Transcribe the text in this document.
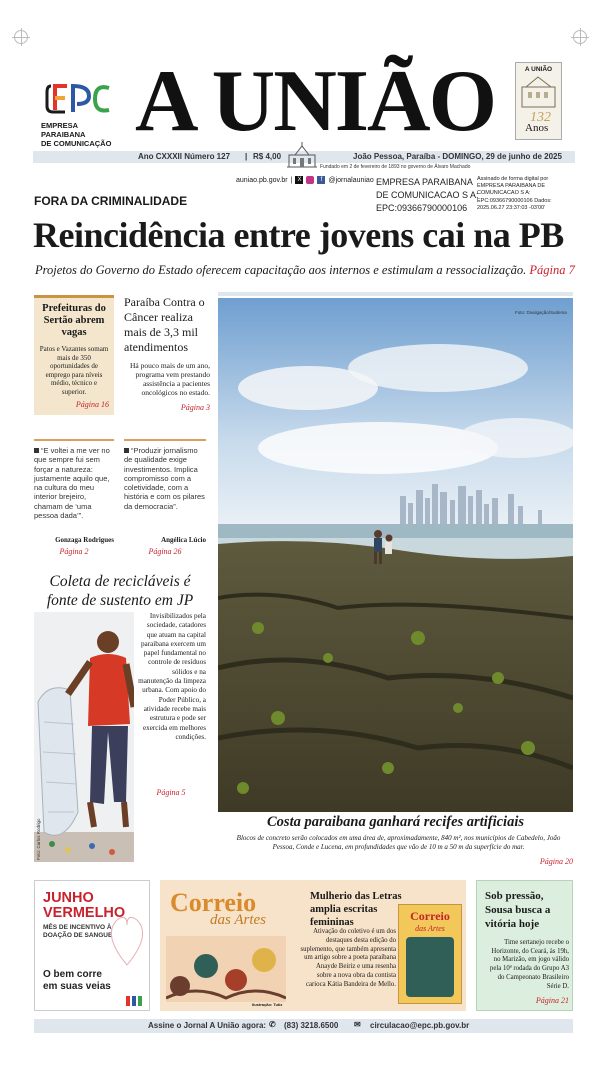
EMPRESA PARAIBANA
DE COMUNICAÇÃO A UNIÃO	A UNIÃO
132
Anos
Ano CXXXII Número 127 | R$ 4,00	João Pessoa, Paraíba - DOMINGO, 29 de junho de 2025
Fundado em 2 de fevereiro de 1893 no governo de Álvaro Machado
auniao.pb.gov.br | X	f @jornalauniao EMPRESA PARAIBANA
DE COMUNICACAO S A:
EPC:09366790000106
Assinado de forma digital por EMPRESA PARAIBANA DE COMUNICACAO S A: EPC:09366790000106 Dados: 2025.06.27 23:37:03 -03'00'
FORA DA CRIMINALIDADE
Reincidência entre jovens cai na PB
Projetos do Governo do Estado oferecem capacitação aos internos e estimulam a ressocialização. Página 7
Prefeituras do Sertão abrem vagas
Patos e Vazantes somam mais de 350 oportunidades de emprego para níveis médio, técnico e superior.
Página 16
Paraíba Contra o Câncer realiza mais de 3,3 mil atendimentos
Há pouco mais de um ano, programa vem prestando assistência a pacientes oncológicos no estado.
Página 3
“E voltei a me ver no que sempre fui sem forçar a natureza: justamente aquilo que, na cultura do meu interior brejeiro, chamam de ‘uma pessoa dada’”.
“Produzir jornalismo de qualidade exige investimentos. Implica compromisso com a coletividade, com a história e com os pilares da democracia”.
Gonzaga Rodrigues	Angélica Lúcio
Página 2	Página 26
Coleta de recicláveis é fonte de sustento em JP
Foto: Carlos Rodrigo
Invisibilizados pela sociedade, catadores que atuam na capital paraibana exercem um papel fundamental no controle de resíduos sólidos e na manutenção da limpeza urbana. Com apoio do Poder Público, a atividade recebe mais estrutura e pode ser exercida em melhores condições.
Página 5
Foto: Divulgação/Sudema
Costa paraibana ganhará recifes artificiais
Blocos de concreto serão colocados em uma área de, aproximadamente, 840 m², nos municípios de Cabedelo, João Pessoa, Conde e Lucena, em profundidades que vão de 10 m a 50 m da superfície do mar.
Página 20
JUNHO
VERMELHO
MÊS DE INCENTIVO À
DOAÇÃO DE SANGUE
O bem corre
em suas veias
Correio
das Artes
Ilustração: Tutiz
Mulherio das Letras amplia escritas femininas
Ativação do coletivo é um dos destaques desta edição do suplemento, que também apresenta um artigo sobre a poeta paraibana Anayde Beiriz e uma resenha sobre a nova obra da contista carioca Kátia Bandeira de Mello.
Correio
das Artes
Sob pressão, Sousa busca a vitória hoje
Time sertanejo recebe o Horizonte, do Ceará, às 19h, no Marizão, em jogo válido pela 10ª rodada do Grupo A3 do Campeonato Brasileiro Série D.
Página 21
Assine o Jornal A União agora: ✆ (83) 3218.6500 ✉ circulacao@epc.pb.gov.br
